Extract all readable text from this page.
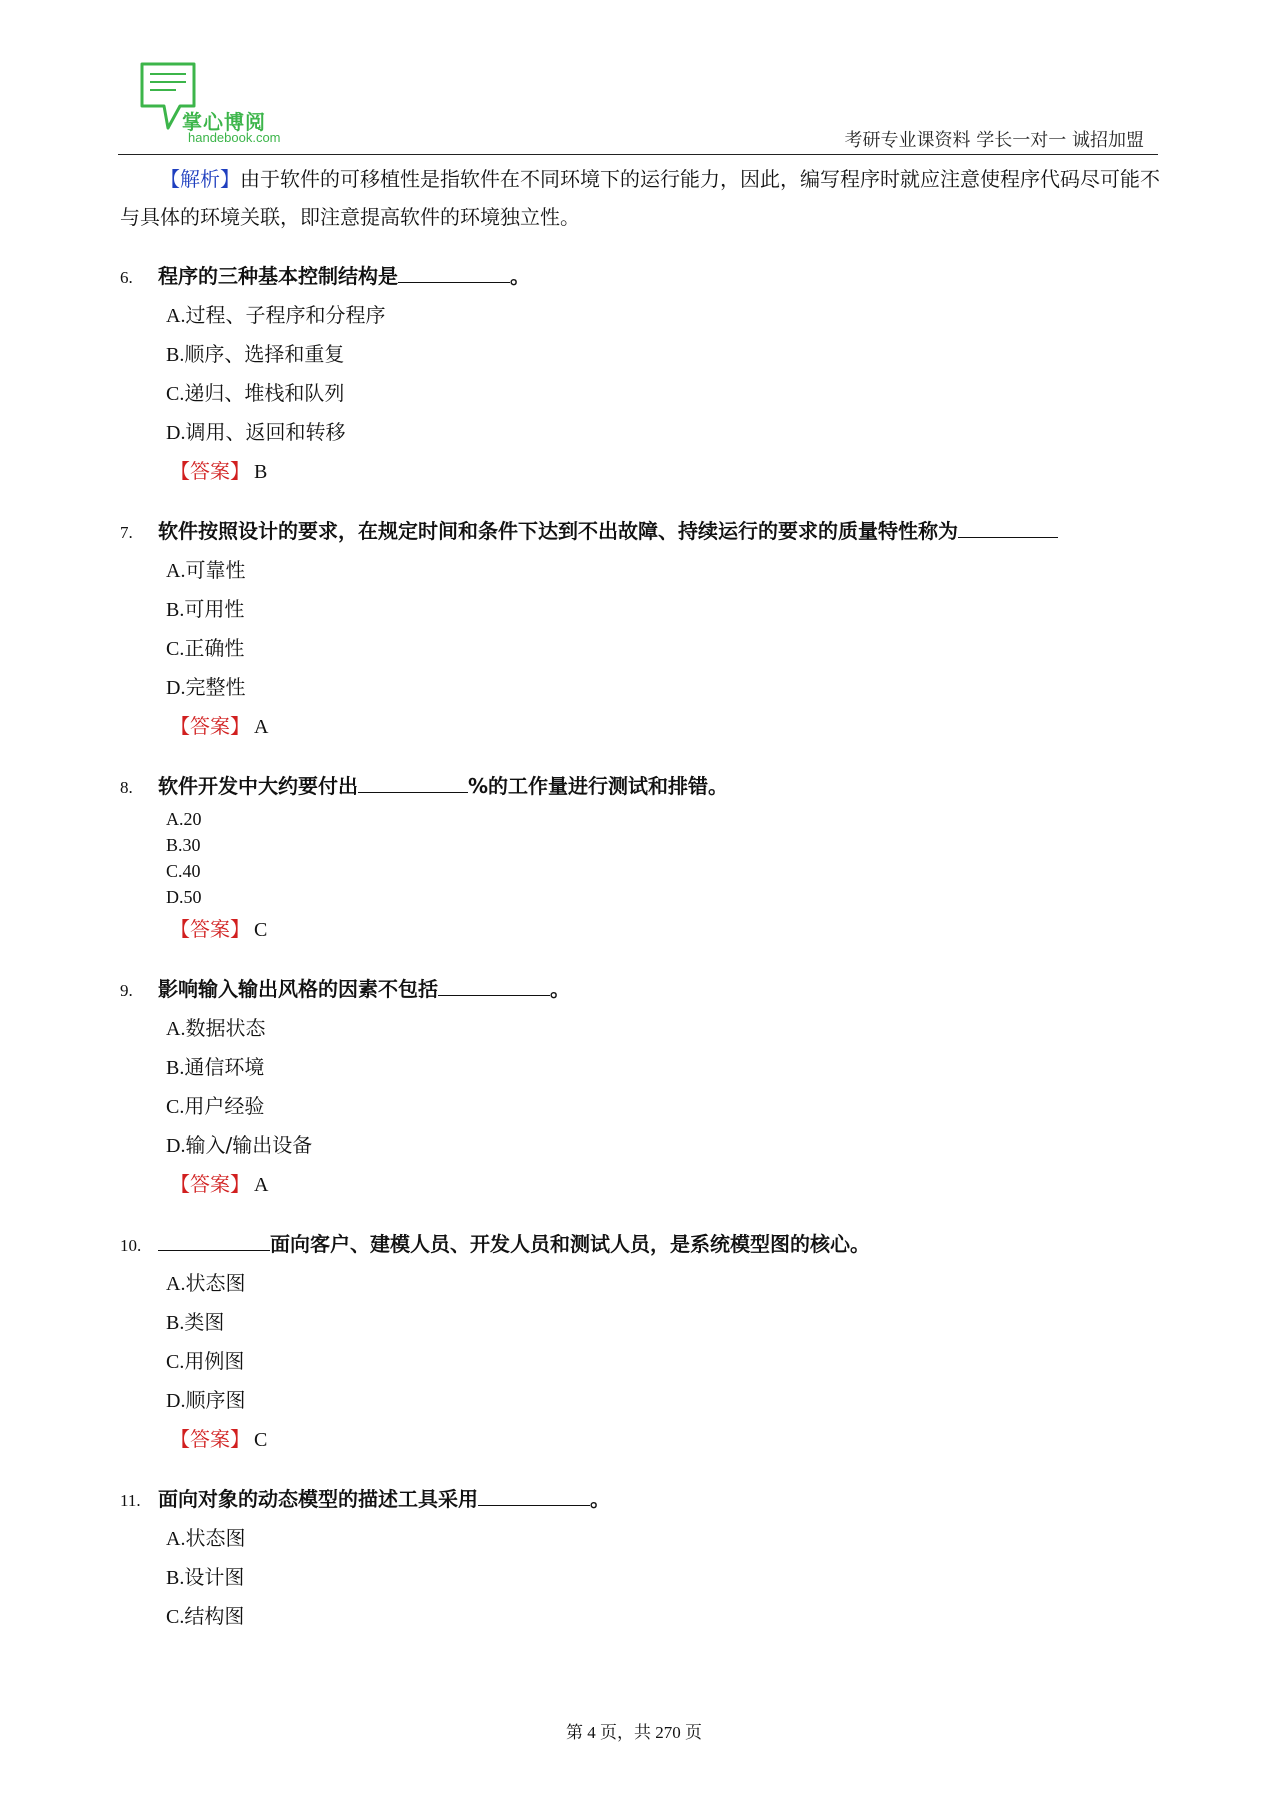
掌心博阅
handebook.com	考研专业课资料 学长一对一 诚招加盟

【解析】由于软件的可移植性是指软件在不同环境下的运行能力，因此，编写程序时就应注意使程序代码尽可能不与具体的环境关联，即注意提高软件的环境独立性。

6.	程序的三种基本控制结构是	。
A.过程、子程序和分程序
B.顺序、选择和重复
C.递归、堆栈和队列
D.调用、返回和转移
【答案】 B
7.	软件按照设计的要求，在规定时间和条件下达到不出故障、持续运行的要求的质量特性称为
A.可靠性
B.可用性
C.正确性
D.完整性
【答案】 A
8.	软件开发中大约要付出	%的工作量进行测试和排错。
A.20
B.30
C.40
D.50
【答案】 C
9.	影响输入输出风格的因素不包括	。
A.数据状态
B.通信环境
C.用户经验
D.输入/输出设备
【答案】 A
10.	面向客户、建模人员、开发人员和测试人员，是系统模型图的核心。
A.状态图
B.类图
C.用例图
D.顺序图
【答案】 C
11. 面向对象的动态模型的描述工具采用	。
A.状态图
B.设计图
C.结构图
第 4 页，共 270 页
